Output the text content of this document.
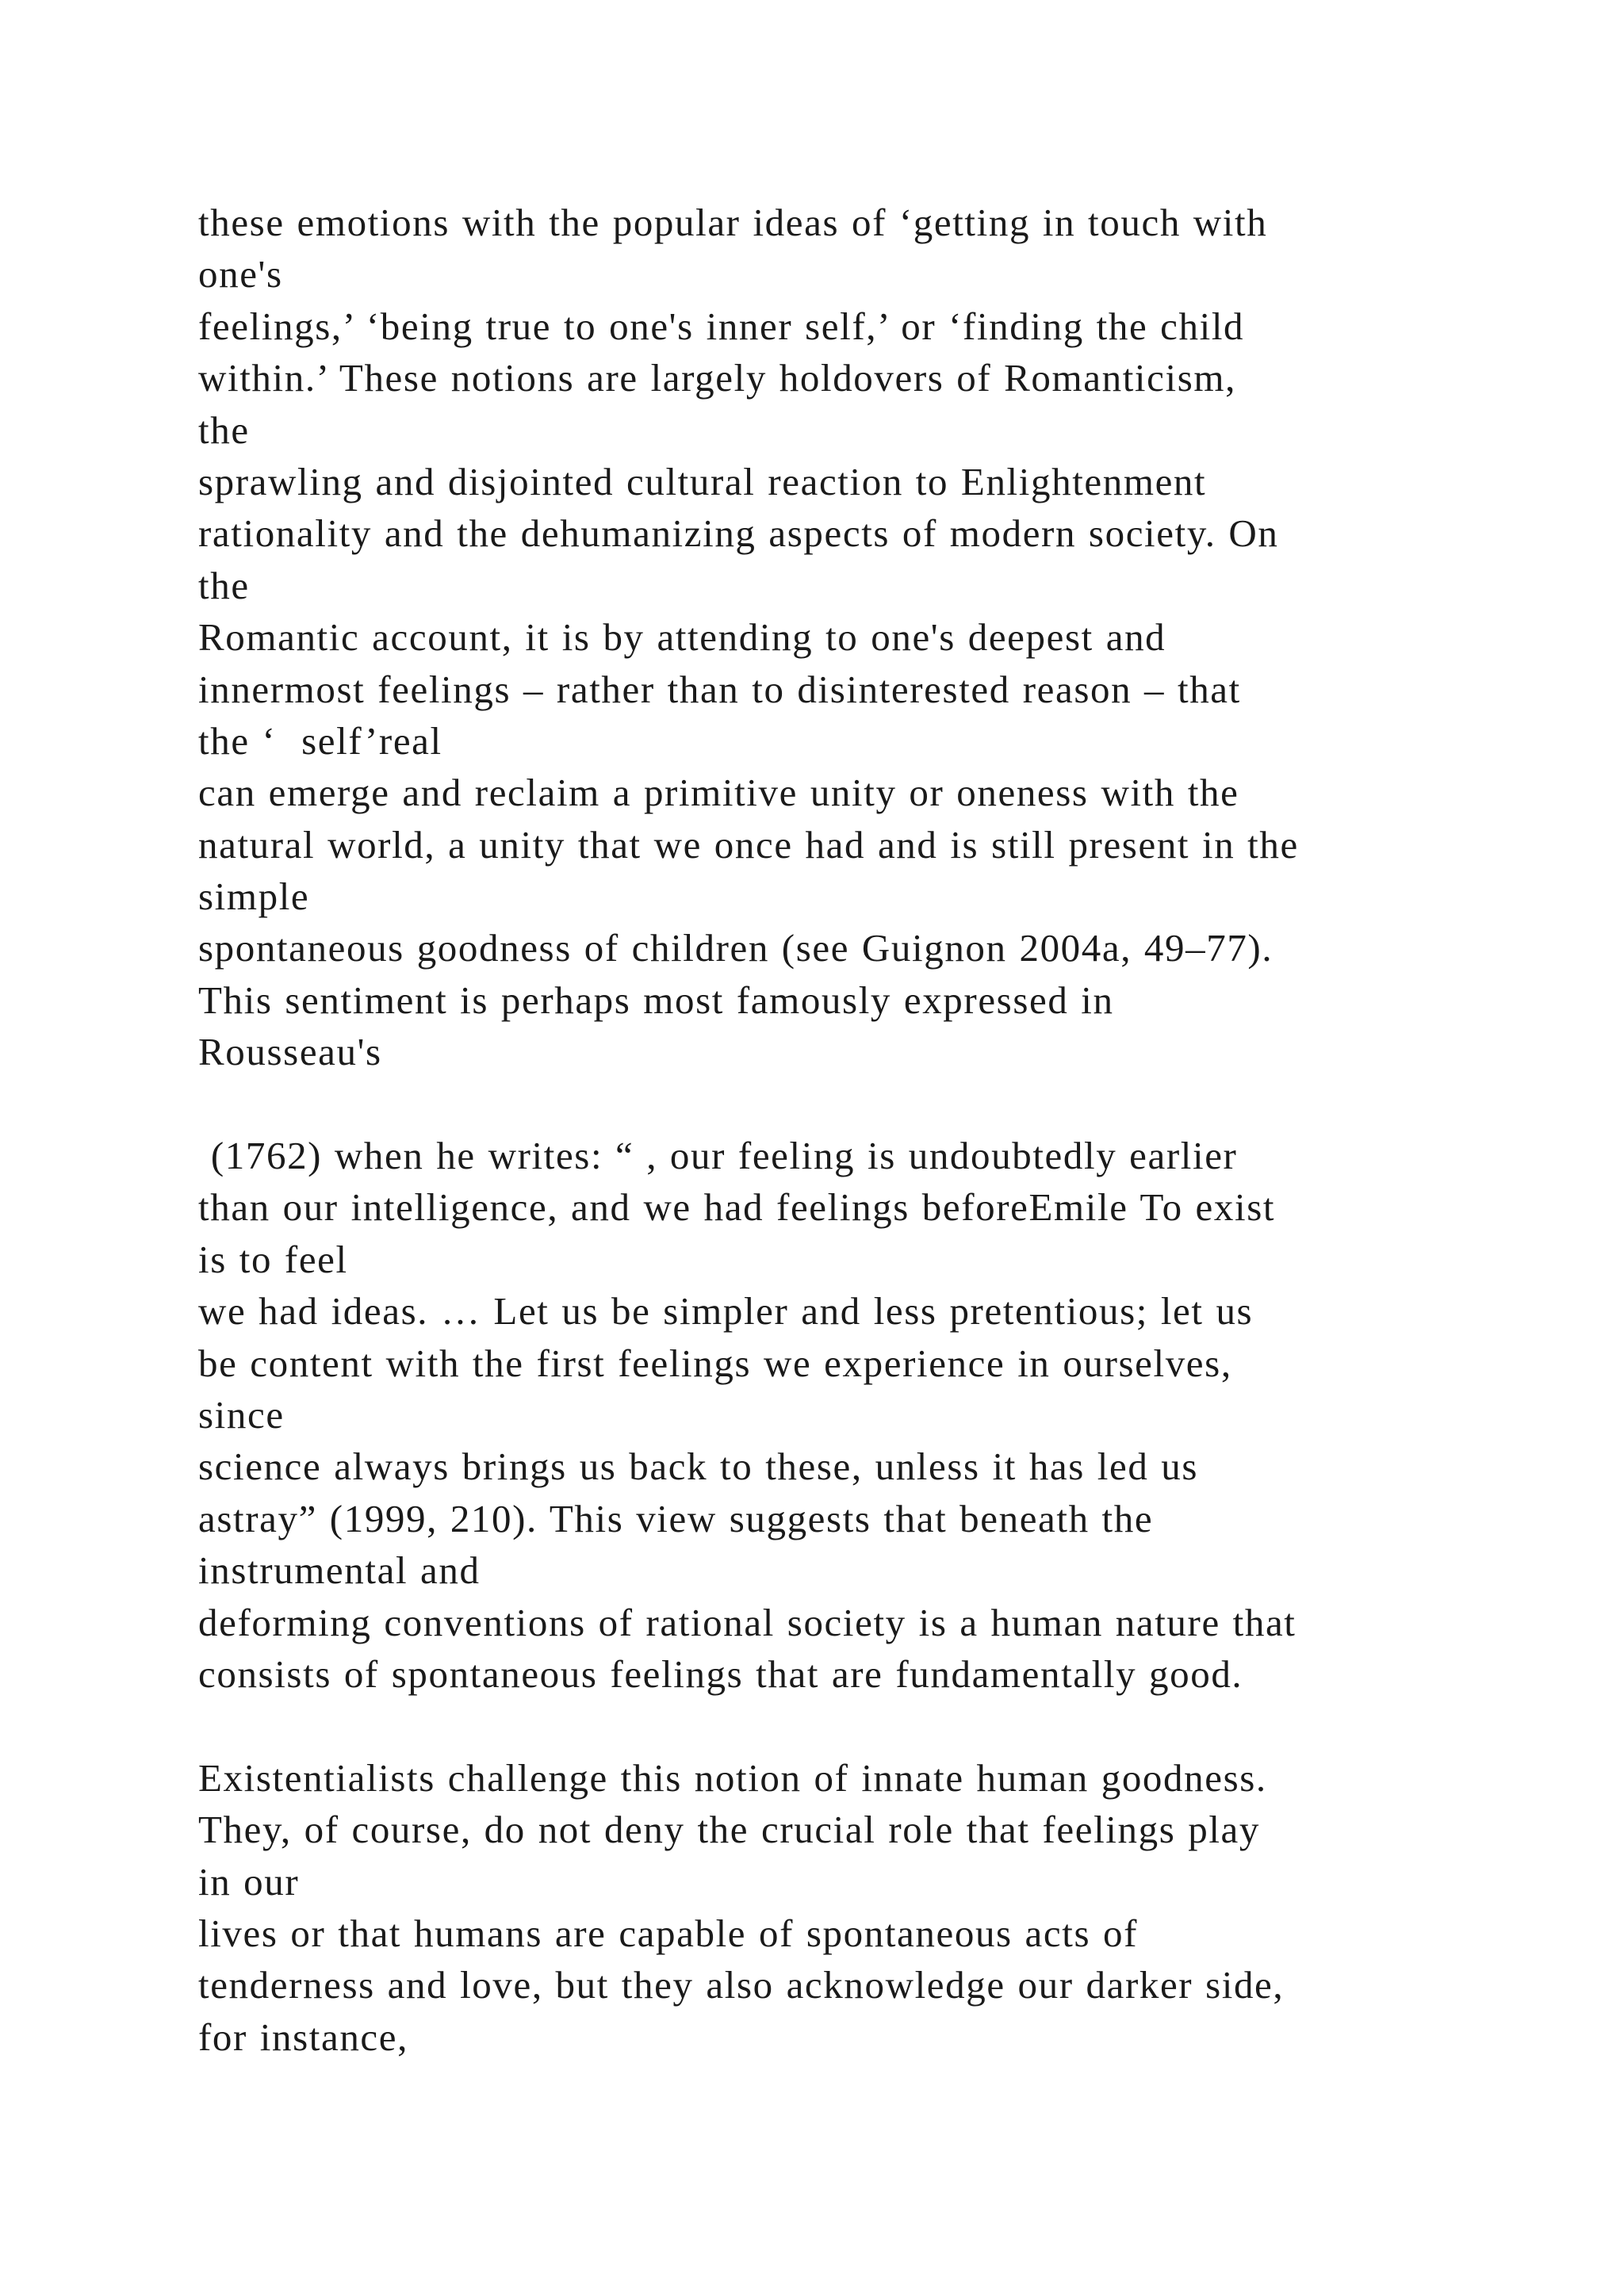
these emotions with the popular ideas of ‘getting in touch with
one's
feelings,’ ‘being true to one's inner self,’ or ‘finding the child
within.’ These notions are largely holdovers of Romanticism,
the
sprawling and disjointed cultural reaction to Enlightenment
rationality and the dehumanizing aspects of modern society. On
the
Romantic account, it is by attending to one's deepest and
innermost feelings – rather than to disinterested reason – that
the ‘  self’real
can emerge and reclaim a primitive unity or oneness with the
natural world, a unity that we once had and is still present in the
simple
spontaneous goodness of children (see Guignon 2004a, 49–77).
This sentiment is perhaps most famously expressed in
Rousseau's
(1762) when he writes: “ , our feeling is undoubtedly earlier
than our intelligence, and we had feelings beforeEmile To exist
is to feel
we had ideas. … Let us be simpler and less pretentious; let us
be content with the first feelings we experience in ourselves,
since
science always brings us back to these, unless it has led us
astray” (1999, 210). This view suggests that beneath the
instrumental and
deforming conventions of rational society is a human nature that
consists of spontaneous feelings that are fundamentally good.
Existentialists challenge this notion of innate human goodness.
They, of course, do not deny the crucial role that feelings play
in our
lives or that humans are capable of spontaneous acts of
tenderness and love, but they also acknowledge our darker side,
for instance,
